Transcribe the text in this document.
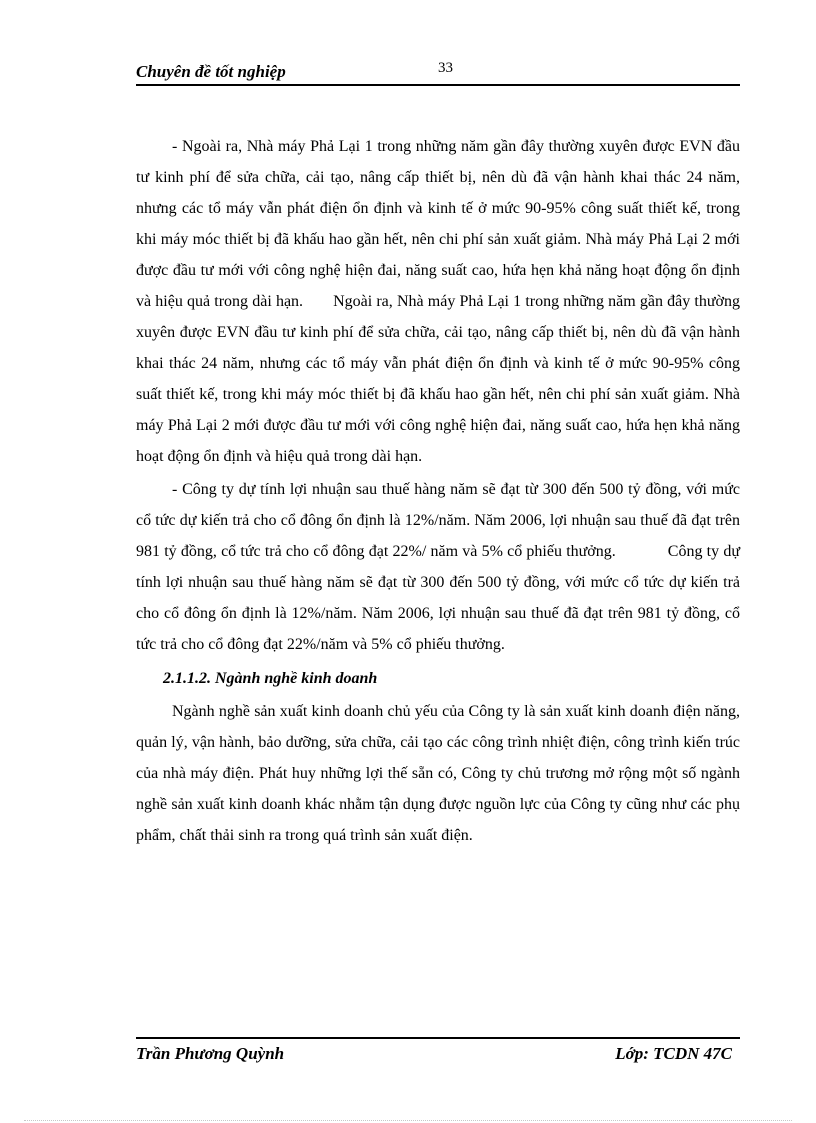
Chuyên đề tốt nghiệp	33

- Ngoài ra, Nhà máy Phả Lại 1 trong những năm gần đây thường xuyên được EVN đầu tư kinh phí để sửa chữa, cải tạo, nâng cấp thiết bị, nên dù đã vận hành khai thác 24 năm, nhưng các tổ máy vẫn phát điện ổn định và kinh tế ở mức 90-95% công suất thiết kế, trong khi máy móc thiết bị đã khấu hao gần hết, nên chi phí sản xuất giảm. Nhà máy Phả Lại 2 mới được đầu tư mới với công nghệ hiện đai, năng suất cao, hứa hẹn khả năng hoạt động ổn định và hiệu quả trong dài hạn. Ngoài ra, Nhà máy Phả Lại 1 trong những năm gần đây thường xuyên được EVN đầu tư kinh phí để sửa chữa, cải tạo, nâng cấp thiết bị, nên dù đã vận hành khai thác 24 năm, nhưng các tổ máy vẫn phát điện ổn định và kinh tế ở mức 90-95% công suất thiết kế, trong khi máy móc thiết bị đã khấu hao gần hết, nên chi phí sản xuất giảm. Nhà máy Phả Lại 2 mới được đầu tư mới với công nghệ hiện đai, năng suất cao, hứa hẹn khả năng hoạt động ổn định và hiệu quả trong dài hạn.

- Công ty dự tính lợi nhuận sau thuế hàng năm sẽ đạt từ 300 đến 500 tỷ đồng, với mức cổ tức dự kiến trả cho cổ đông ổn định là 12%/năm. Năm 2006, lợi nhuận sau thuế đã đạt trên 981 tỷ đồng, cổ tức trả cho cổ đông đạt 22%/ năm và 5% cổ phiếu thưởng.	Công ty dự tính lợi nhuận sau thuế hàng năm sẽ đạt từ 300 đến 500 tỷ đồng, với mức cổ tức dự kiến trả cho cổ đông ổn định là 12%/năm. Năm 2006, lợi nhuận sau thuế đã đạt trên 981 tỷ đồng, cổ tức trả cho cổ đông đạt 22%/năm và 5% cổ phiếu thưởng.

2.1.1.2. Ngành nghề kinh doanh

Ngành nghề sản xuất kinh doanh chủ yếu của Công ty là sản xuất kinh doanh điện năng, quản lý, vận hành, bảo dưỡng, sửa chữa, cải tạo các công trình nhiệt điện, công trình kiến trúc của nhà máy điện. Phát huy những lợi thế sẵn có, Công ty chủ trương mở rộng một số ngành nghề sản xuất kinh doanh khác nhằm tận dụng được nguồn lực của Công ty cũng như các phụ phẩm, chất thải sinh ra trong quá trình sản xuất điện.

Trần Phương Quỳnh	Lớp: TCDN 47C
